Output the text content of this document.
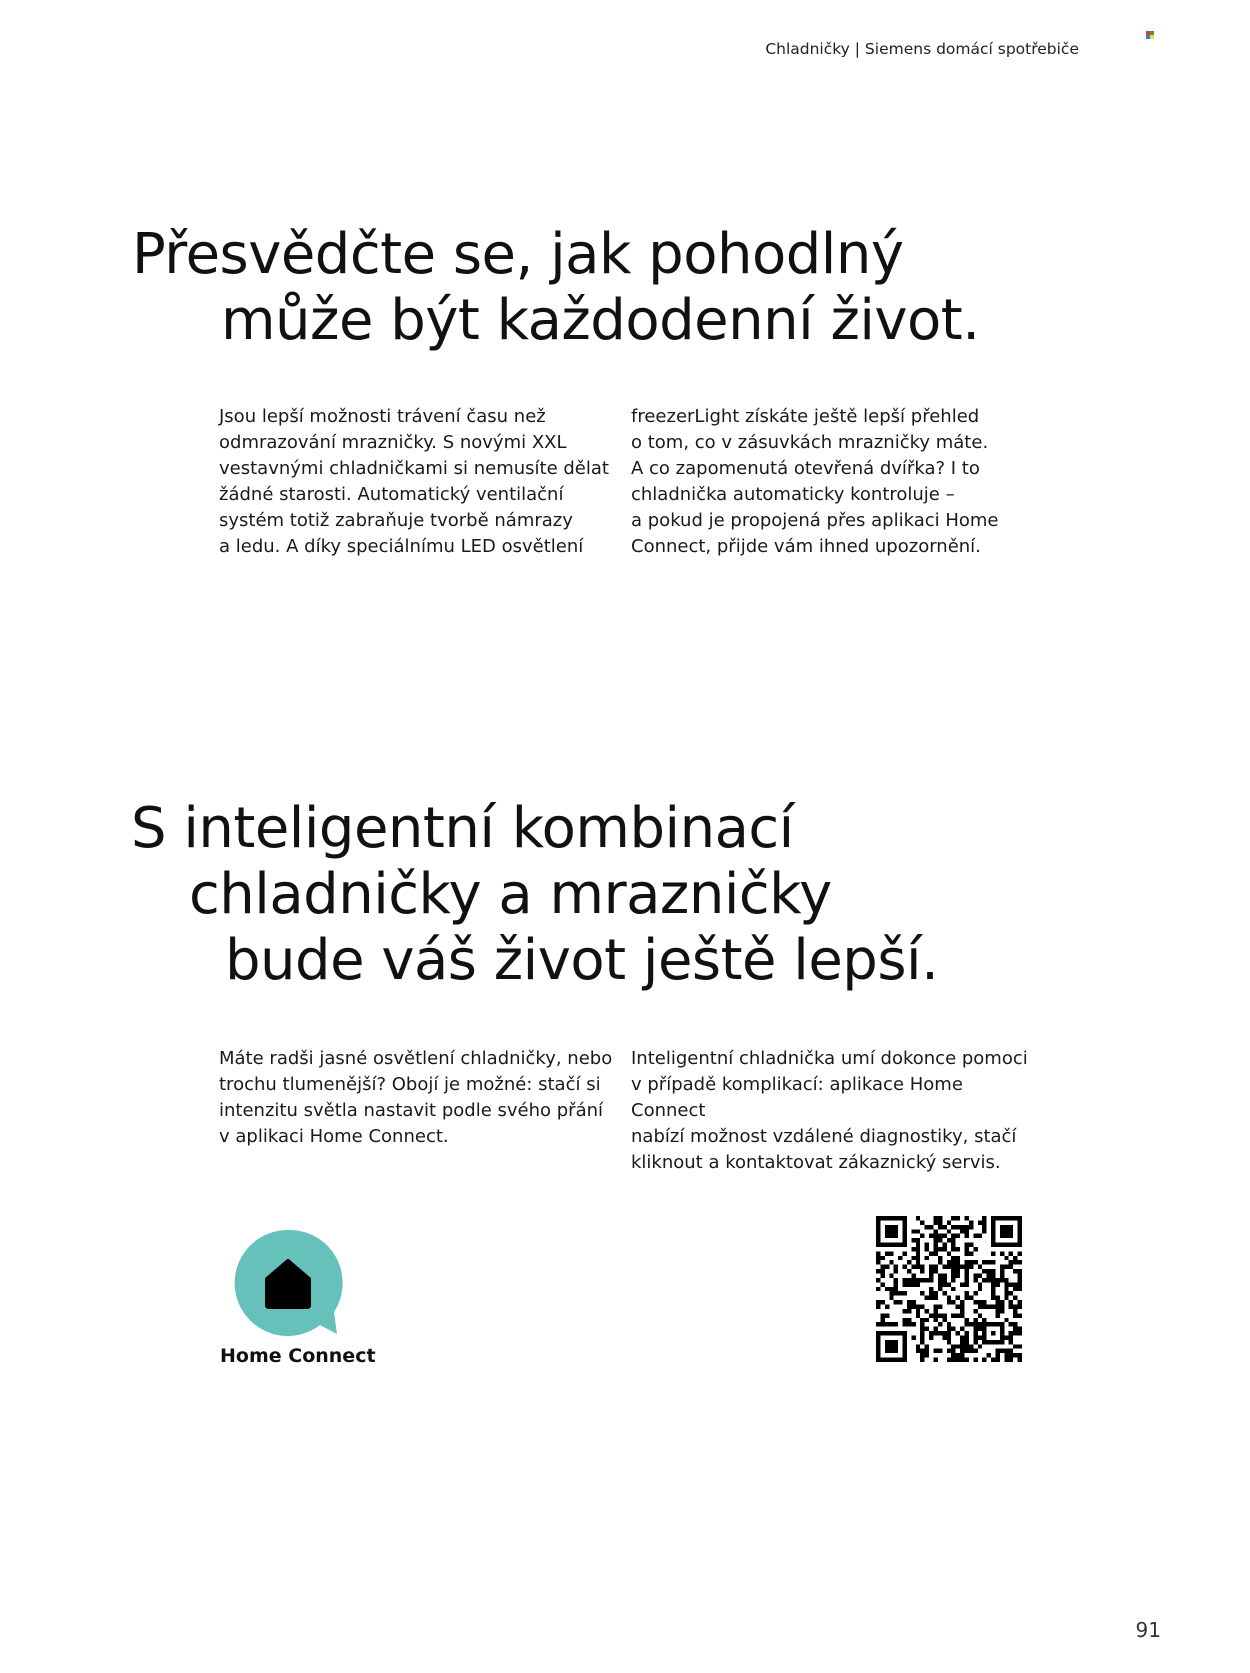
Chladničky | Siemens domácí spotřebiče
Přesvědčte se, jak pohodlný
může být každodenní život.

Jsou lepší možnosti trávení času než
odmrazování mrazničky. S novými XXL
vestavnými chladničkami si nemusíte dělat
žádné starosti. Automatický ventilační
systém totiž zabraňuje tvorbě námrazy
a ledu. A díky speciálnímu LED osvětlení

freezerLight získáte ještě lepší přehled
o tom, co v zásuvkách mrazničky máte.
A co zapomenutá otevřená dvířka? I to
chladnička automaticky kontroluje –
a pokud je propojená přes aplikaci Home
Connect, přijde vám ihned upozornění.

S inteligentní kombinací
chladničky a mrazničky
bude váš život ještě lepší.

Máte radši jasné osvětlení chladničky, nebo
trochu tlumenější? Obojí je možné: stačí si
intenzitu světla nastavit podle svého přání
v aplikaci Home Connect.

Inteligentní chladnička umí dokonce pomoci
v případě komplikací: aplikace Home Connect
nabízí možnost vzdálené diagnostiky, stačí
kliknout a kontaktovat zákaznický servis.

Home Connect
91
